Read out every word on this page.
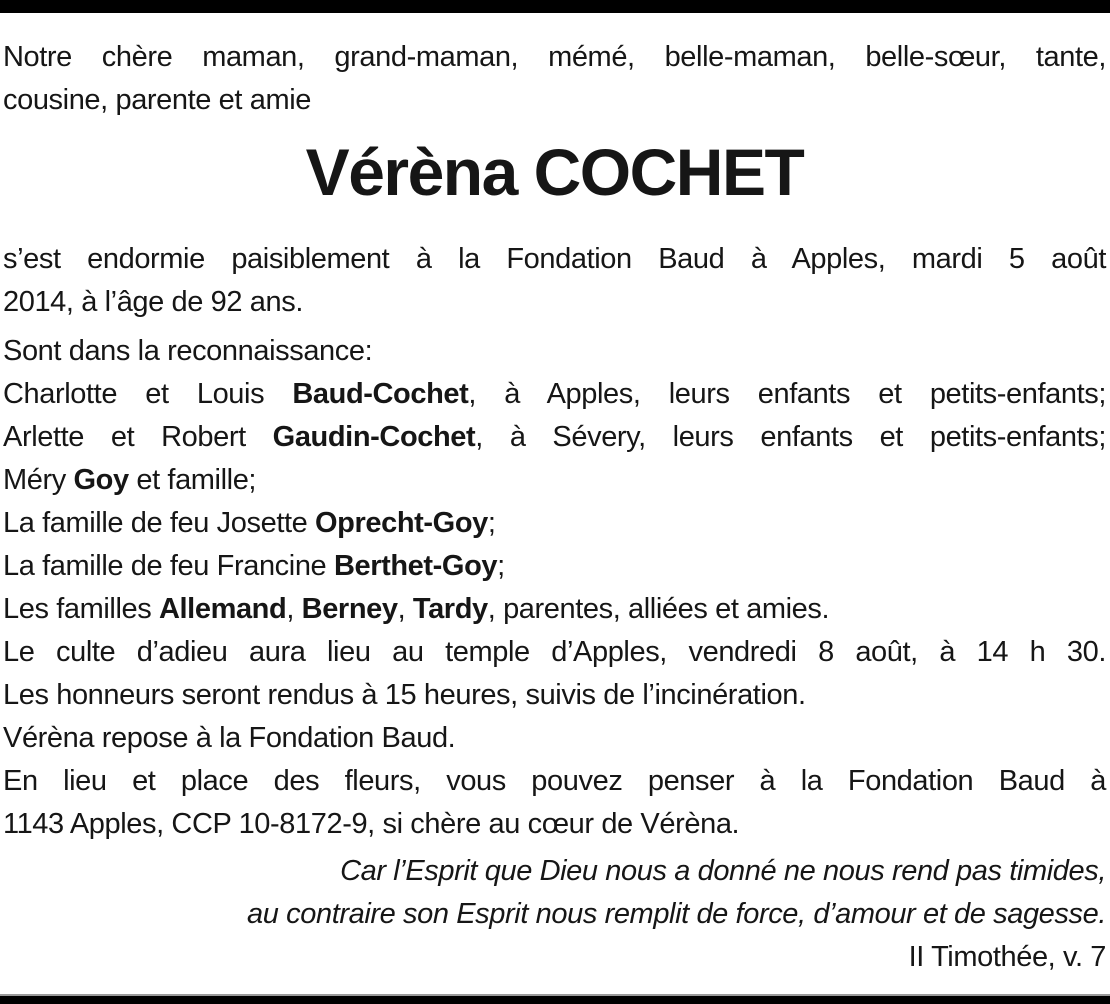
Notre chère maman, grand-maman, mémé, belle-maman, belle-sœur, tante,
cousine, parente et amie
Vérèna COCHET
s’est endormie paisiblement à la Fondation Baud à Apples, mardi 5 août
2014, à l’âge de 92 ans.
Sont dans la reconnaissance:
Charlotte et Louis Baud-Cochet, à Apples, leurs enfants et petits-enfants;
Arlette et Robert Gaudin-Cochet, à Sévery, leurs enfants et petits-enfants;
Méry Goy et famille;
La famille de feu Josette Oprecht-Goy;
La famille de feu Francine Berthet-Goy;
Les familles Allemand, Berney, Tardy, parentes, alliées et amies.
Le culte d’adieu aura lieu au temple d’Apples, vendredi 8 août, à 14 h 30.
Les honneurs seront rendus à 15 heures, suivis de l’incinération.
Vérèna repose à la Fondation Baud.
En lieu et place des fleurs, vous pouvez penser à la Fondation Baud à
1143 Apples, CCP 10-8172-9, si chère au cœur de Vérèna.
Car l’Esprit que Dieu nous a donné ne nous rend pas timides,
au contraire son Esprit nous remplit de force, d’amour et de sagesse.
II Timothée, v. 7
